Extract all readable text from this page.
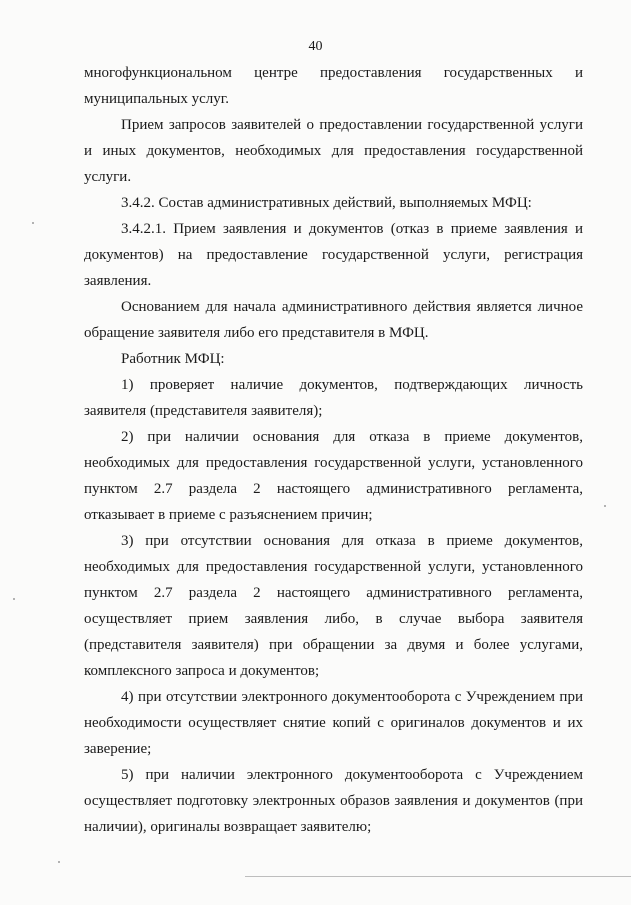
40
многофункциональном центре предоставления государственных и
муниципальных услуг.
Прием запросов заявителей о предоставлении государственной услуги
и иных документов, необходимых для предоставления государственной
услуги.
3.4.2. Состав административных действий, выполняемых МФЦ:
3.4.2.1. Прием заявления и документов (отказ в приеме заявления и
документов) на предоставление государственной услуги, регистрация
заявления.
Основанием для начала административного действия является личное
обращение заявителя либо его представителя в МФЦ.
Работник МФЦ:
1) проверяет наличие документов, подтверждающих личность
заявителя (представителя заявителя);
2) при наличии основания для отказа в приеме документов,
необходимых для предоставления государственной услуги, установленного
пунктом 2.7 раздела 2 настоящего административного регламента,
отказывает в приеме с разъяснением причин;
3) при отсутствии основания для отказа в приеме документов,
необходимых для предоставления государственной услуги, установленного
пунктом 2.7 раздела 2 настоящего административного регламента,
осуществляет прием заявления либо, в случае выбора заявителя
(представителя заявителя) при обращении за двумя и более услугами,
комплексного запроса и документов;
4) при отсутствии электронного документооборота с Учреждением при
необходимости осуществляет снятие копий с оригиналов документов и их
заверение;
5) при наличии электронного документооборота с Учреждением
осуществляет подготовку электронных образов заявления и документов (при
наличии), оригиналы возвращает заявителю;
